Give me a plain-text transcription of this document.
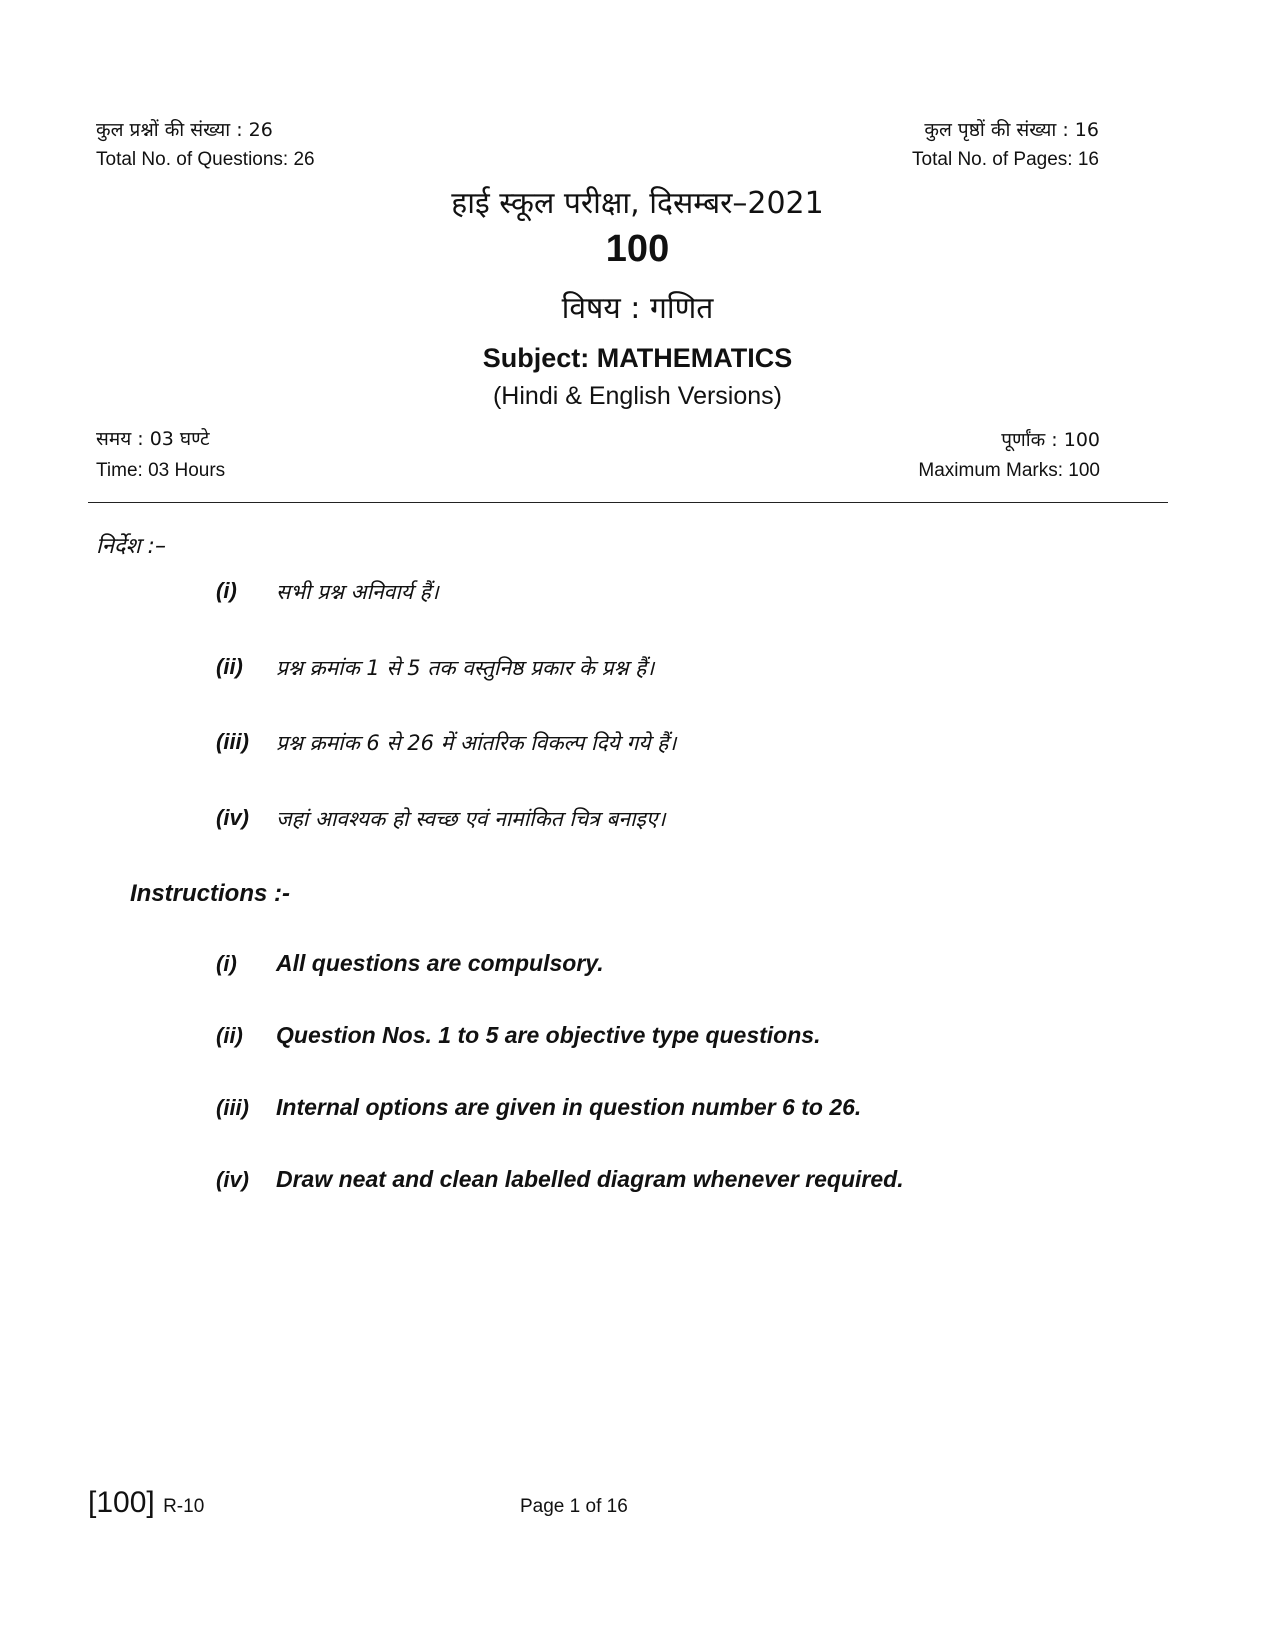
कुल प्रश्नों की संख्या : 26
Total No. of Questions: 26
कुल पृष्ठों की संख्या : 16
Total No. of Pages: 16
हाई स्कूल परीक्षा, दिसम्बर–2021
100
विषय : गणित
Subject: MATHEMATICS
(Hindi & English Versions)
समय : 03 घण्टे
Time: 03 Hours
पूर्णांक : 100
Maximum Marks: 100
निर्देश :–
(i) सभी प्रश्न अनिवार्य हैं।
(ii) प्रश्न क्रमांक 1 से 5 तक वस्तुनिष्ठ प्रकार के प्रश्न हैं।
(iii) प्रश्न क्रमांक 6 से 26 में आंतरिक विकल्प दिये गये हैं।
(iv) जहां आवश्यक हो स्वच्छ एवं नामांकित चित्र बनाइए।
Instructions :-
(i) All questions are compulsory.
(ii) Question Nos. 1 to 5 are objective type questions.
(iii) Internal options are given in question number 6 to 26.
(iv) Draw neat and clean labelled diagram whenever required.
[100] R-10	Page 1 of 16
